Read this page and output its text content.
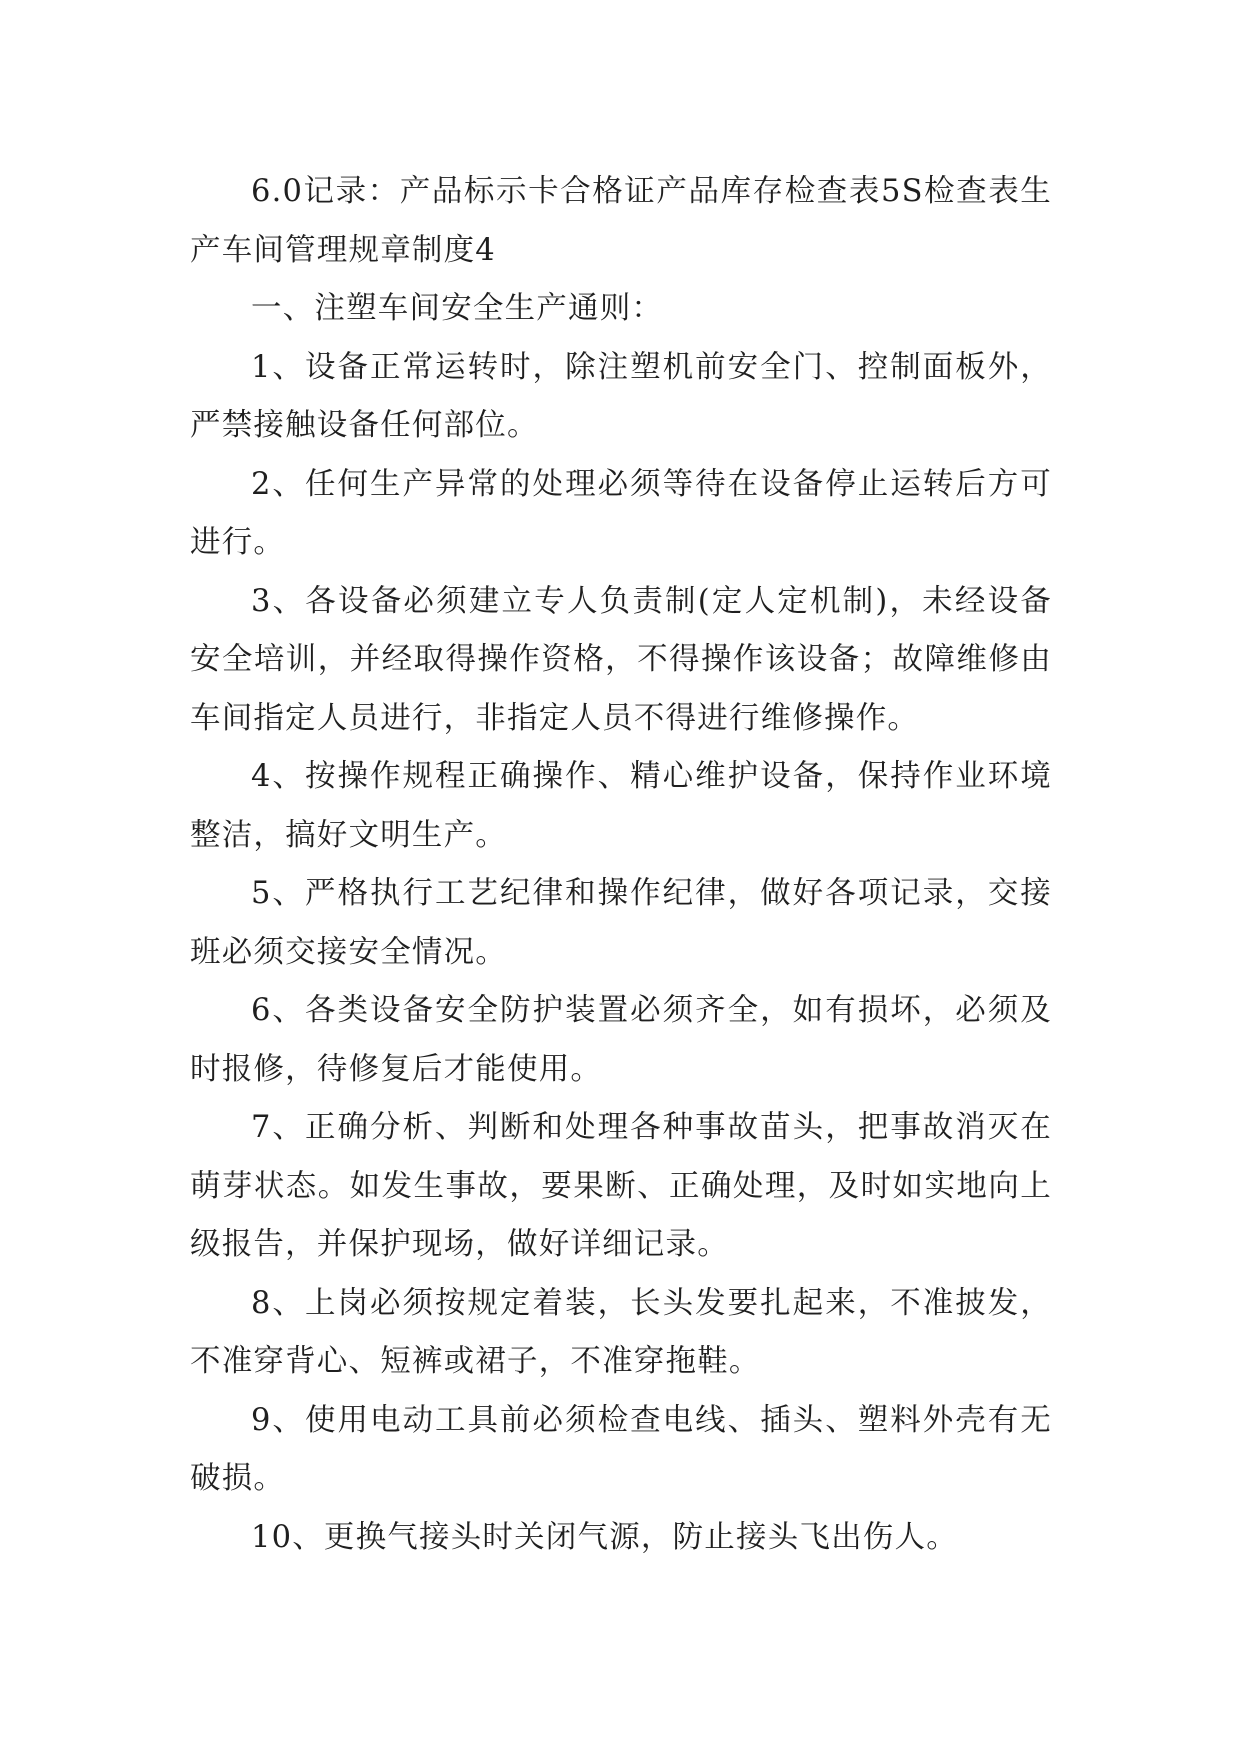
6.0记录：产品标示卡合格证产品库存检查表5S检查表生产车间管理规章制度4

一、注塑车间安全生产通则：

1、设备正常运转时，除注塑机前安全门、控制面板外，严禁接触设备任何部位。

2、任何生产异常的处理必须等待在设备停止运转后方可进行。

3、各设备必须建立专人负责制(定人定机制)，未经设备安全培训，并经取得操作资格，不得操作该设备；故障维修由车间指定人员进行，非指定人员不得进行维修操作。

4、按操作规程正确操作、精心维护设备，保持作业环境整洁，搞好文明生产。

5、严格执行工艺纪律和操作纪律，做好各项记录，交接班必须交接安全情况。

6、各类设备安全防护装置必须齐全，如有损坏，必须及时报修，待修复后才能使用。

7、正确分析、判断和处理各种事故苗头，把事故消灭在萌芽状态。如发生事故，要果断、正确处理，及时如实地向上级报告，并保护现场，做好详细记录。

8、上岗必须按规定着装，长头发要扎起来，不准披发，不准穿背心、短裤或裙子，不准穿拖鞋。

9、使用电动工具前必须检查电线、插头、塑料外壳有无破损。

10、更换气接头时关闭气源，防止接头飞出伤人。
